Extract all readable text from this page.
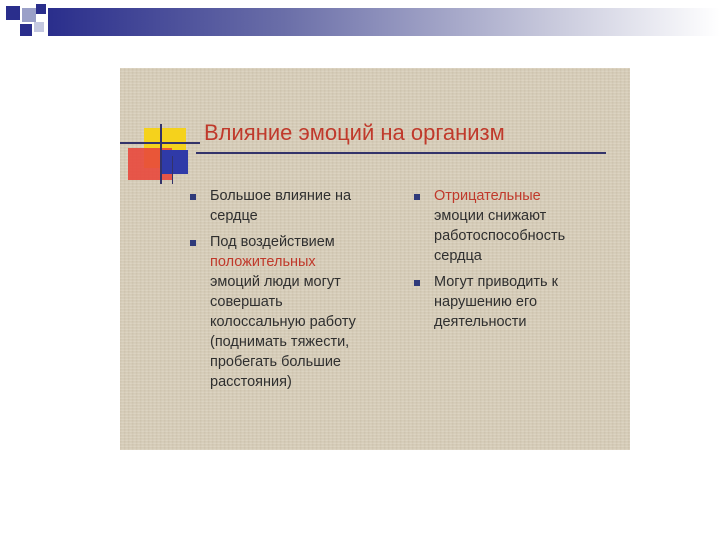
Влияние эмоций на организм
Большое влияние на
сердце
Под воздействием
положительных
эмоций люди могут
совершать
колоссальную работу
(поднимать тяжести,
пробегать большие
расстояния)
Отрицательные
эмоции снижают
работоспособность
сердца
Могут приводить к
нарушению его
деятельности
